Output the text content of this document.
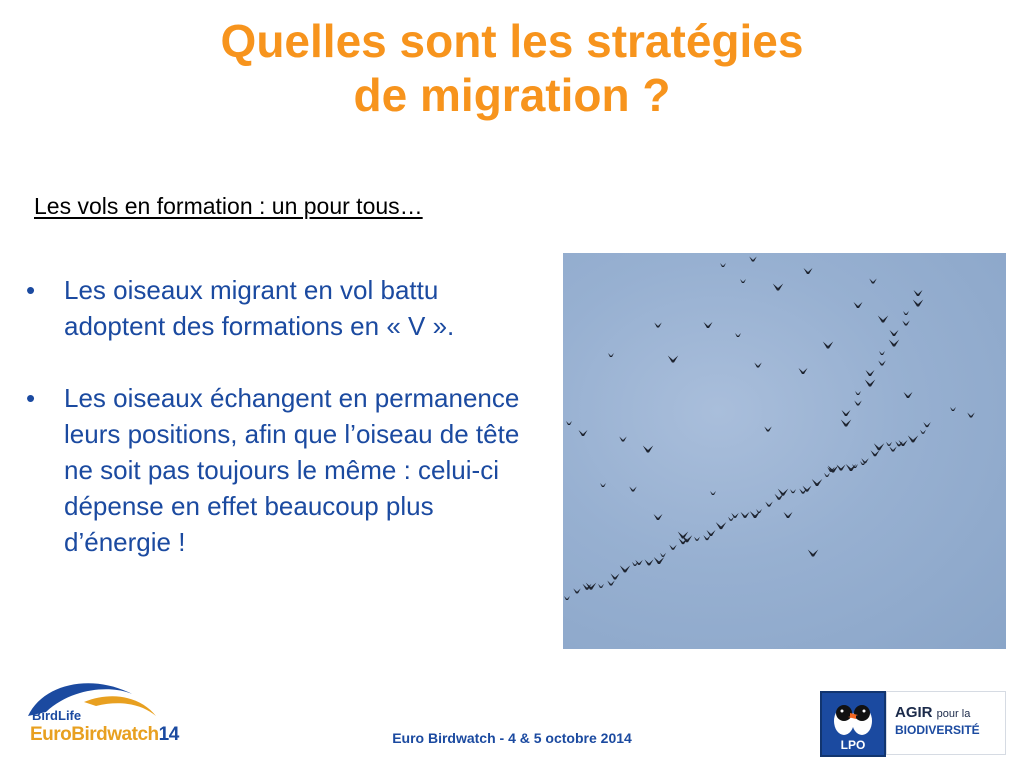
Quelles sont les stratégies
de migration ?
Les vols en formation : un pour tous…
• Les oiseaux migrant en vol battu adoptent des formations en « V ».
• Les oiseaux échangent en permanence leurs positions, afin que l’oiseau de tête ne soit pas toujours le même : celui-ci dépense en effet beaucoup plus d’énergie !
BirdLife
EuroBirdwatch14	Euro Birdwatch - 4 & 5 octobre 2014	LPO
AGIR pour la
BIODIVERSITÉ
